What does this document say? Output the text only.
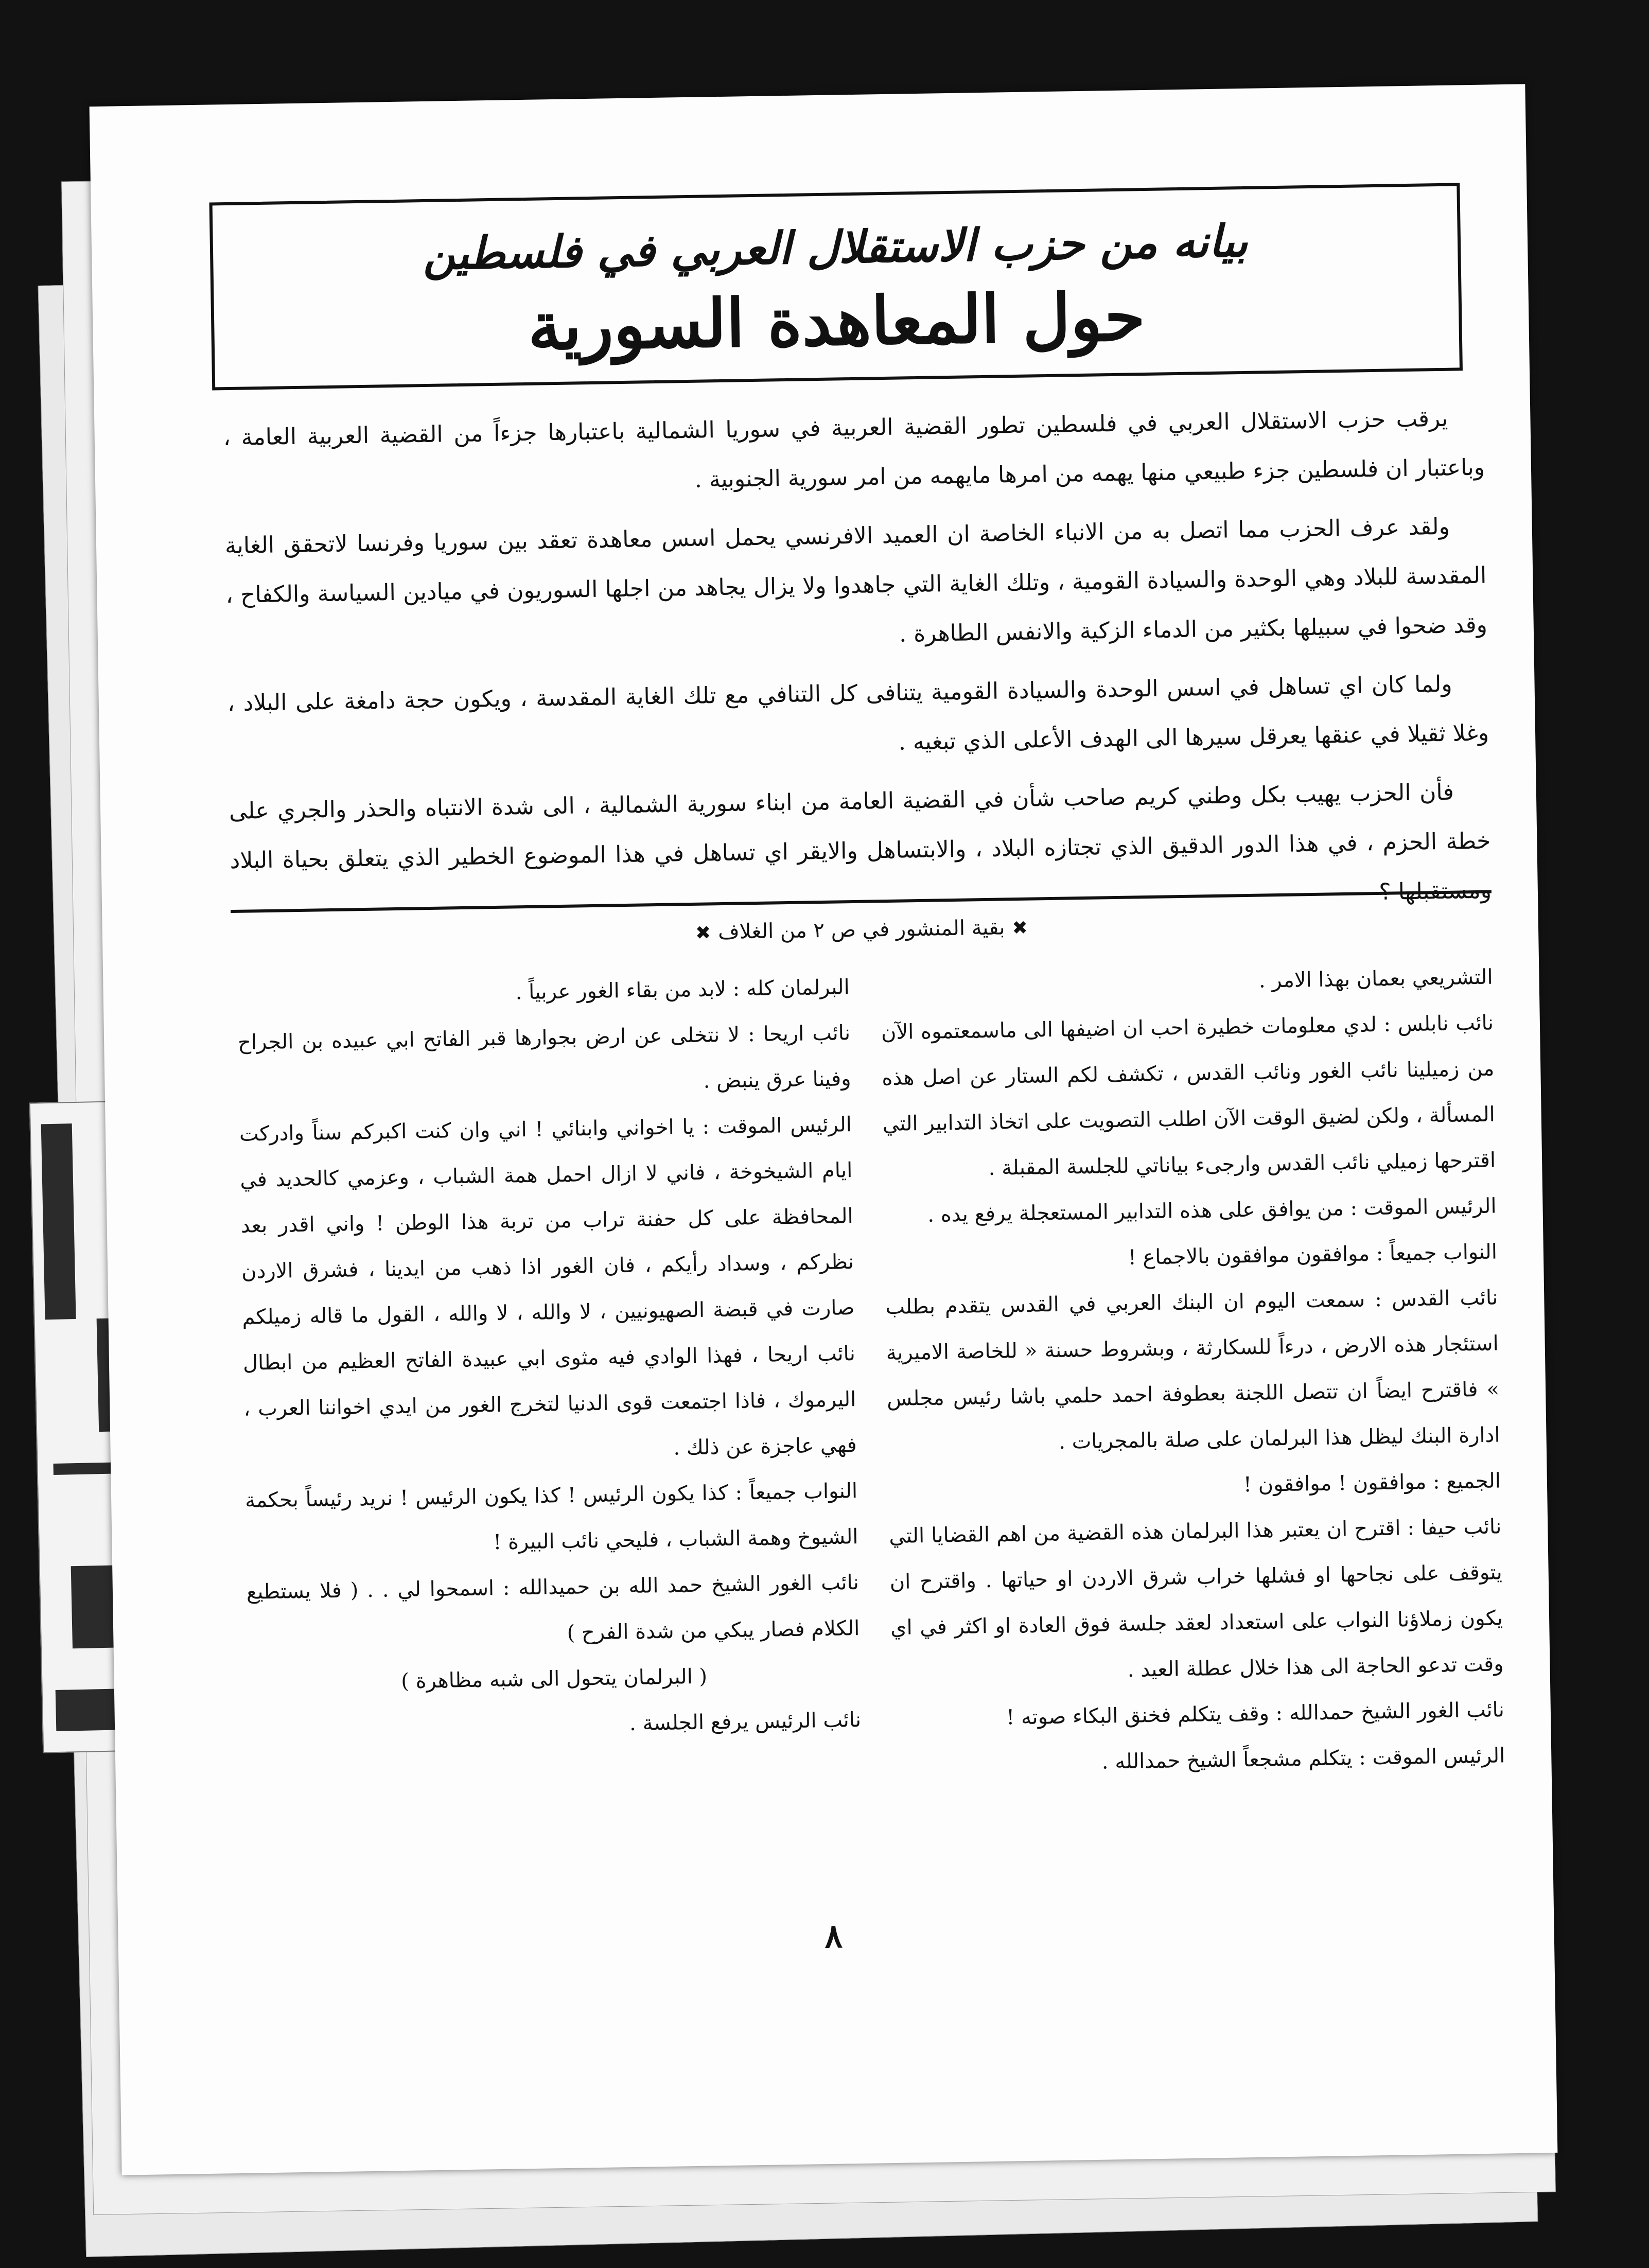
بيانه من حزب الاستقلال العربي في فلسطين
حول المعاهدة السورية

يرقب حزب الاستقلال العربي في فلسطين تطور القضية العربية في سوريا الشمالية باعتبارها جزءاً من القضية العربية العامة ، وباعتبار ان فلسطين جزء طبيعي منها يهمه من امرها مايهمه من امر سورية الجنوبية .

ولقد عرف الحزب مما اتصل به من الانباء الخاصة ان العميد الافرنسي يحمل اسس معاهدة تعقد بين سوريا وفرنسا لاتحقق الغاية المقدسة للبلاد وهي الوحدة والسيادة القومية ، وتلك الغاية التي جاهدوا ولا يزال يجاهد من اجلها السوريون في ميادين السياسة والكفاح ، وقد ضحوا في سبيلها بكثير من الدماء الزكية والانفس الطاهرة .

ولما كان اي تساهل في اسس الوحدة والسيادة القومية يتنافى كل التنافي مع تلك الغاية المقدسة ، ويكون حجة دامغة على البلاد ، وغلا ثقيلا في عنقها يعرقل سيرها الى الهدف الأعلى الذي تبغيه .

فأن الحزب يهيب بكل وطني كريم صاحب شأن في القضية العامة من ابناء سورية الشمالية ، الى شدة الانتباه والحذر والجري على خطة الحزم ، في هذا الدور الدقيق الذي تجتازه البلاد ، والابتساهل والايقر اي تساهل في هذا الموضوع الخطير الذي يتعلق بحياة البلاد ومستقبلها ؟

✖بقية المنشور في ص ٢ من الغلاف✖

التشريعي بعمان بهذا الامر .

نائب نابلس : لدي معلومات خطيرة احب ان اضيفها الى ماسمعتموه الآن من زميلينا نائب الغور ونائب القدس ، تكشف لكم الستار عن اصل هذه المسألة ، ولكن لضيق الوقت الآن اطلب التصويت على اتخاذ التدابير التي اقترحها زميلي نائب القدس وارجىء بياناتي للجلسة المقبلة .

الرئيس الموقت : من يوافق على هذه التدابير المستعجلة يرفع يده .

النواب جميعاً : موافقون موافقون بالاجماع !

نائب القدس : سمعت اليوم ان البنك العربي في القدس يتقدم بطلب استئجار هذه الارض ، درءاً للسكارثة ، وبشروط حسنة « للخاصة الاميرية » فاقترح ايضاً ان تتصل اللجنة بعطوفة احمد حلمي باشا رئيس مجلس ادارة البنك ليظل هذا البرلمان على صلة بالمجريات .

الجميع : موافقون ! موافقون !

نائب حيفا : اقترح ان يعتبر هذا البرلمان هذه القضية من اهم القضايا التي يتوقف على نجاحها او فشلها خراب شرق الاردن او حياتها . واقترح ان يكون زملاؤنا النواب على استعداد لعقد جلسة فوق العادة او اكثر في اي وقت تدعو الحاجة الى هذا خلال عطلة العيد .

نائب الغور الشيخ حمدالله : وقف يتكلم فخنق البكاء صوته !

الرئيس الموقت : يتكلم مشجعاً الشيخ حمدالله .

البرلمان كله : لابد من بقاء الغور عربياً .

نائب اريحا : لا نتخلى عن ارض بجوارها قبر الفاتح ابي عبيده بن الجراح وفينا عرق ينبض .

الرئيس الموقت : يا اخواني وابنائي ! اني وان كنت اكبركم سناً وادركت ايام الشيخوخة ، فاني لا ازال احمل همة الشباب ، وعزمي كالحديد في المحافظة على كل حفنة تراب من تربة هذا الوطن ! واني اقدر بعد نظركم ، وسداد رأيكم ، فان الغور اذا ذهب من ايدينا ، فشرق الاردن صارت في قبضة الصهيونيين ، لا والله ، لا والله ، القول ما قاله زميلكم نائب اريحا ، فهذا الوادي فيه مثوى ابي عبيدة الفاتح العظيم من ابطال اليرموك ، فاذا اجتمعت قوى الدنيا لتخرج الغور من ايدي اخواننا العرب ، فهي عاجزة عن ذلك .

النواب جميعاً : كذا يكون الرئيس ! كذا يكون الرئيس ! نريد رئيساً بحكمة الشيوخ وهمة الشباب ، فليحي نائب البيرة !

نائب الغور الشيخ حمد الله بن حميدالله : اسمحوا لي . . ( فلا يستطيع الكلام فصار يبكي من شدة الفرح )

( البرلمان يتحول الى شبه مظاهرة )

نائب الرئيس يرفع الجلسة .

٨
